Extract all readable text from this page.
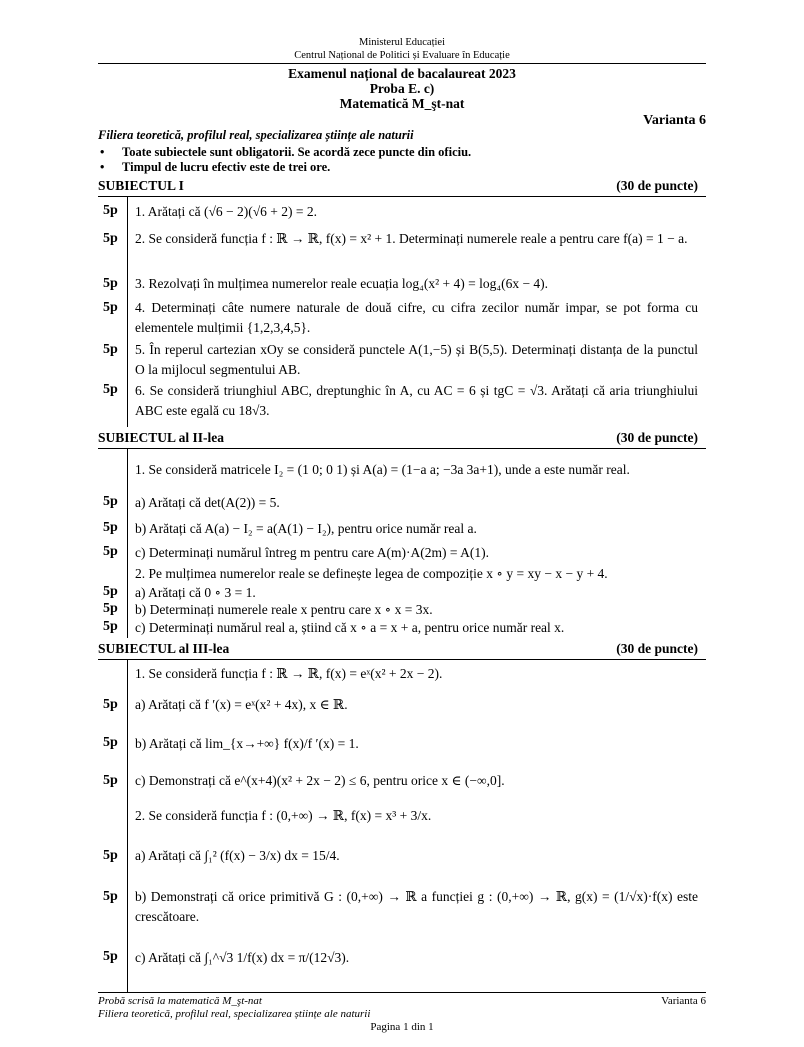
Ministerul Educației
Centrul Național de Politici și Evaluare în Educație
Examenul național de bacalaureat 2023
Proba E. c)
Matematică M_şt-nat
Varianta 6
Filiera teoretică, profilul real, specializarea științe ale naturii
• Toate subiectele sunt obligatorii. Se acordă zece puncte din oficiu.
• Timpul de lucru efectiv este de trei ore.
SUBIECTUL I	(30 de puncte)
5p	1. Arătați că (√6 − 2)(√6 + 2) = 2.
5p	2. Se consideră funcția f : ℝ → ℝ, f(x) = x² + 1. Determinați numerele reale a pentru care f(a) = 1 − a.
5p	3. Rezolvați în mulțimea numerelor reale ecuația log₄(x² + 4) = log₄(6x − 4).
5p	4. Determinați câte numere naturale de două cifre, cu cifra zecilor număr impar, se pot forma cu elementele mulțimii {1,2,3,4,5}.
5p	5. În reperul cartezian xOy se consideră punctele A(1,−5) și B(5,5). Determinați distanța de la punctul O la mijlocul segmentului AB.
5p	6. Se consideră triunghiul ABC, dreptunghic în A, cu AC = 6 și tgC = √3. Arătați că aria triunghiului ABC este egală cu 18√3.
SUBIECTUL al II-lea	(30 de puncte)
1. Se consideră matricele I₂ = (1 0; 0 1) și A(a) = (1−a a; −3a 3a+1), unde a este număr real.
5p	a) Arătați că det(A(2)) = 5.
5p	b) Arătați că A(a) − I₂ = a(A(1) − I₂), pentru orice număr real a.
5p	c) Determinați numărul întreg m pentru care A(m)·A(2m) = A(1).
2. Pe mulțimea numerelor reale se definește legea de compoziție x ∘ y = xy − x − y + 4.
5p	a) Arătați că 0 ∘ 3 = 1.
5p	b) Determinați numerele reale x pentru care x ∘ x = 3x.
5p	c) Determinați numărul real a, știind că x ∘ a = x + a, pentru orice număr real x.
SUBIECTUL al III-lea	(30 de puncte)
1. Se consideră funcția f : ℝ → ℝ, f(x) = eˣ(x² + 2x − 2).
5p	a) Arătați că f ′(x) = eˣ(x² + 4x), x ∈ ℝ.
5p	b) Arătați că lim_{x→+∞} f(x)/f ′(x) = 1.
5p	c) Demonstrați că e^(x+4)(x² + 2x − 2) ≤ 6, pentru orice x ∈ (−∞,0].
2. Se consideră funcția f : (0,+∞) → ℝ, f(x) = x³ + 3/x.
5p	a) Arătați că ∫₁² (f(x) − 3/x) dx = 15/4.
5p	b) Demonstrați că orice primitivă G : (0,+∞) → ℝ a funcției g : (0,+∞) → ℝ, g(x) = (1/√x)·f(x) este crescătoare.
5p	c) Arătați că ∫₁^√3 1/f(x) dx = π/(12√3).
Probă scrisă la matematică M_şt-nat	Varianta 6
Filiera teoretică, profilul real, specializarea științe ale naturii
Pagina 1 din 1
